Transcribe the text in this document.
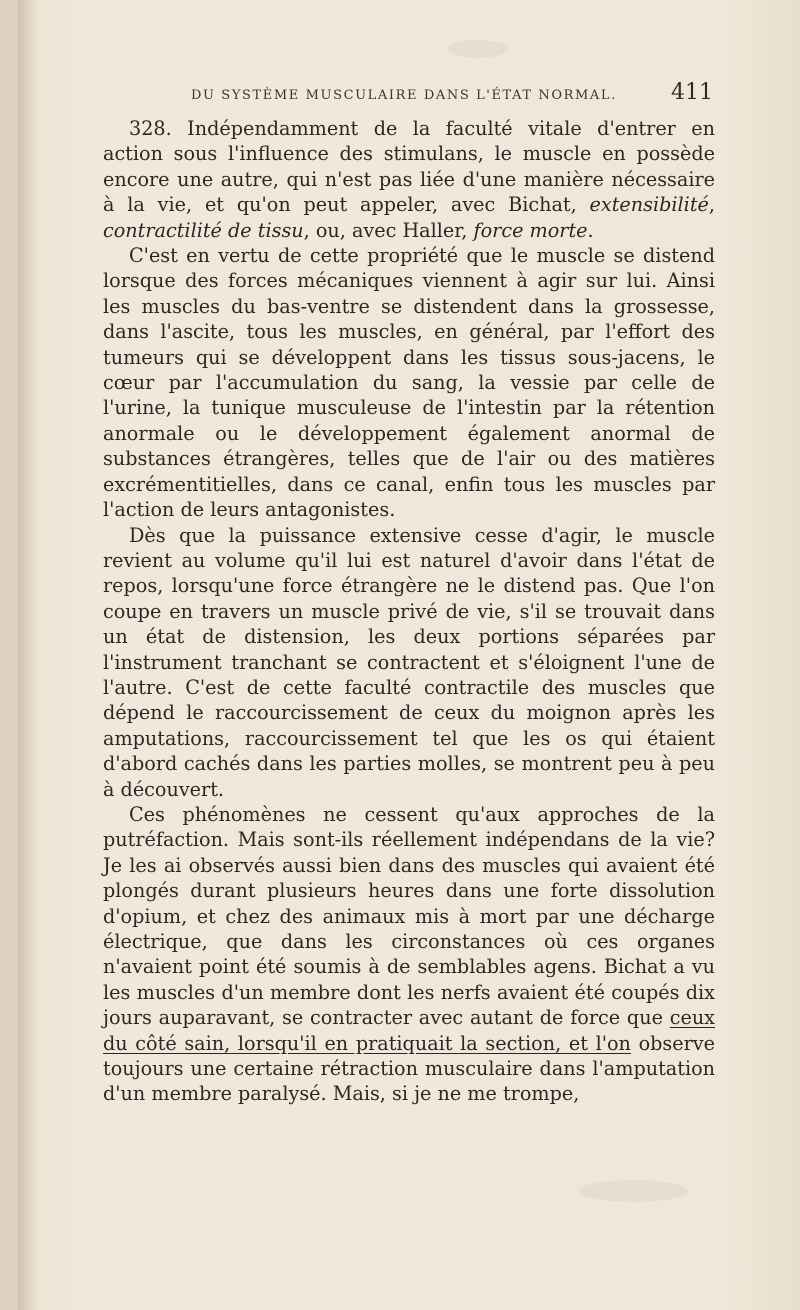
DU SYSTÈME MUSCULAIRE DANS L'ÉTAT NORMAL. 411

328. Indépendamment de la faculté vitale d'entrer en action sous l'influence des stimulans, le muscle en possède encore une autre, qui n'est pas liée d'une manière nécessaire à la vie, et qu'on peut appeler, avec Bichat, extensibilité, contractilité de tissu, ou, avec Haller, force morte.

C'est en vertu de cette propriété que le muscle se distend lorsque des forces mécaniques viennent à agir sur lui. Ainsi les muscles du bas-ventre se distendent dans la grossesse, dans l'ascite, tous les muscles, en général, par l'effort des tumeurs qui se développent dans les tissus sous-jacens, le cœur par l'accumulation du sang, la vessie par celle de l'urine, la tunique musculeuse de l'intestin par la rétention anormale ou le développement également anormal de substances étrangères, telles que de l'air ou des matières excrémentitielles, dans ce canal, enfin tous les muscles par l'action de leurs antagonistes.

Dès que la puissance extensive cesse d'agir, le muscle revient au volume qu'il lui est naturel d'avoir dans l'état de repos, lorsqu'une force étrangère ne le distend pas. Que l'on coupe en travers un muscle privé de vie, s'il se trouvait dans un état de distension, les deux portions séparées par l'instrument tranchant se contractent et s'éloignent l'une de l'autre. C'est de cette faculté contractile des muscles que dépend le raccourcissement de ceux du moignon après les amputations, raccourcissement tel que les os qui étaient d'abord cachés dans les parties molles, se montrent peu à peu à découvert.

Ces phénomènes ne cessent qu'aux approches de la putréfaction. Mais sont-ils réellement indépendans de la vie? Je les ai observés aussi bien dans des muscles qui avaient été plongés durant plusieurs heures dans une forte dissolution d'opium, et chez des animaux mis à mort par une décharge électrique, que dans les circonstances où ces organes n'avaient point été soumis à de semblables agens. Bichat a vu les muscles d'un membre dont les nerfs avaient été coupés dix jours auparavant, se contracter avec autant de force que ceux du côté sain, lorsqu'il en pratiquait la section, et l'on observe toujours une certaine rétraction musculaire dans l'amputation d'un membre paralysé. Mais, si je ne me trompe,
